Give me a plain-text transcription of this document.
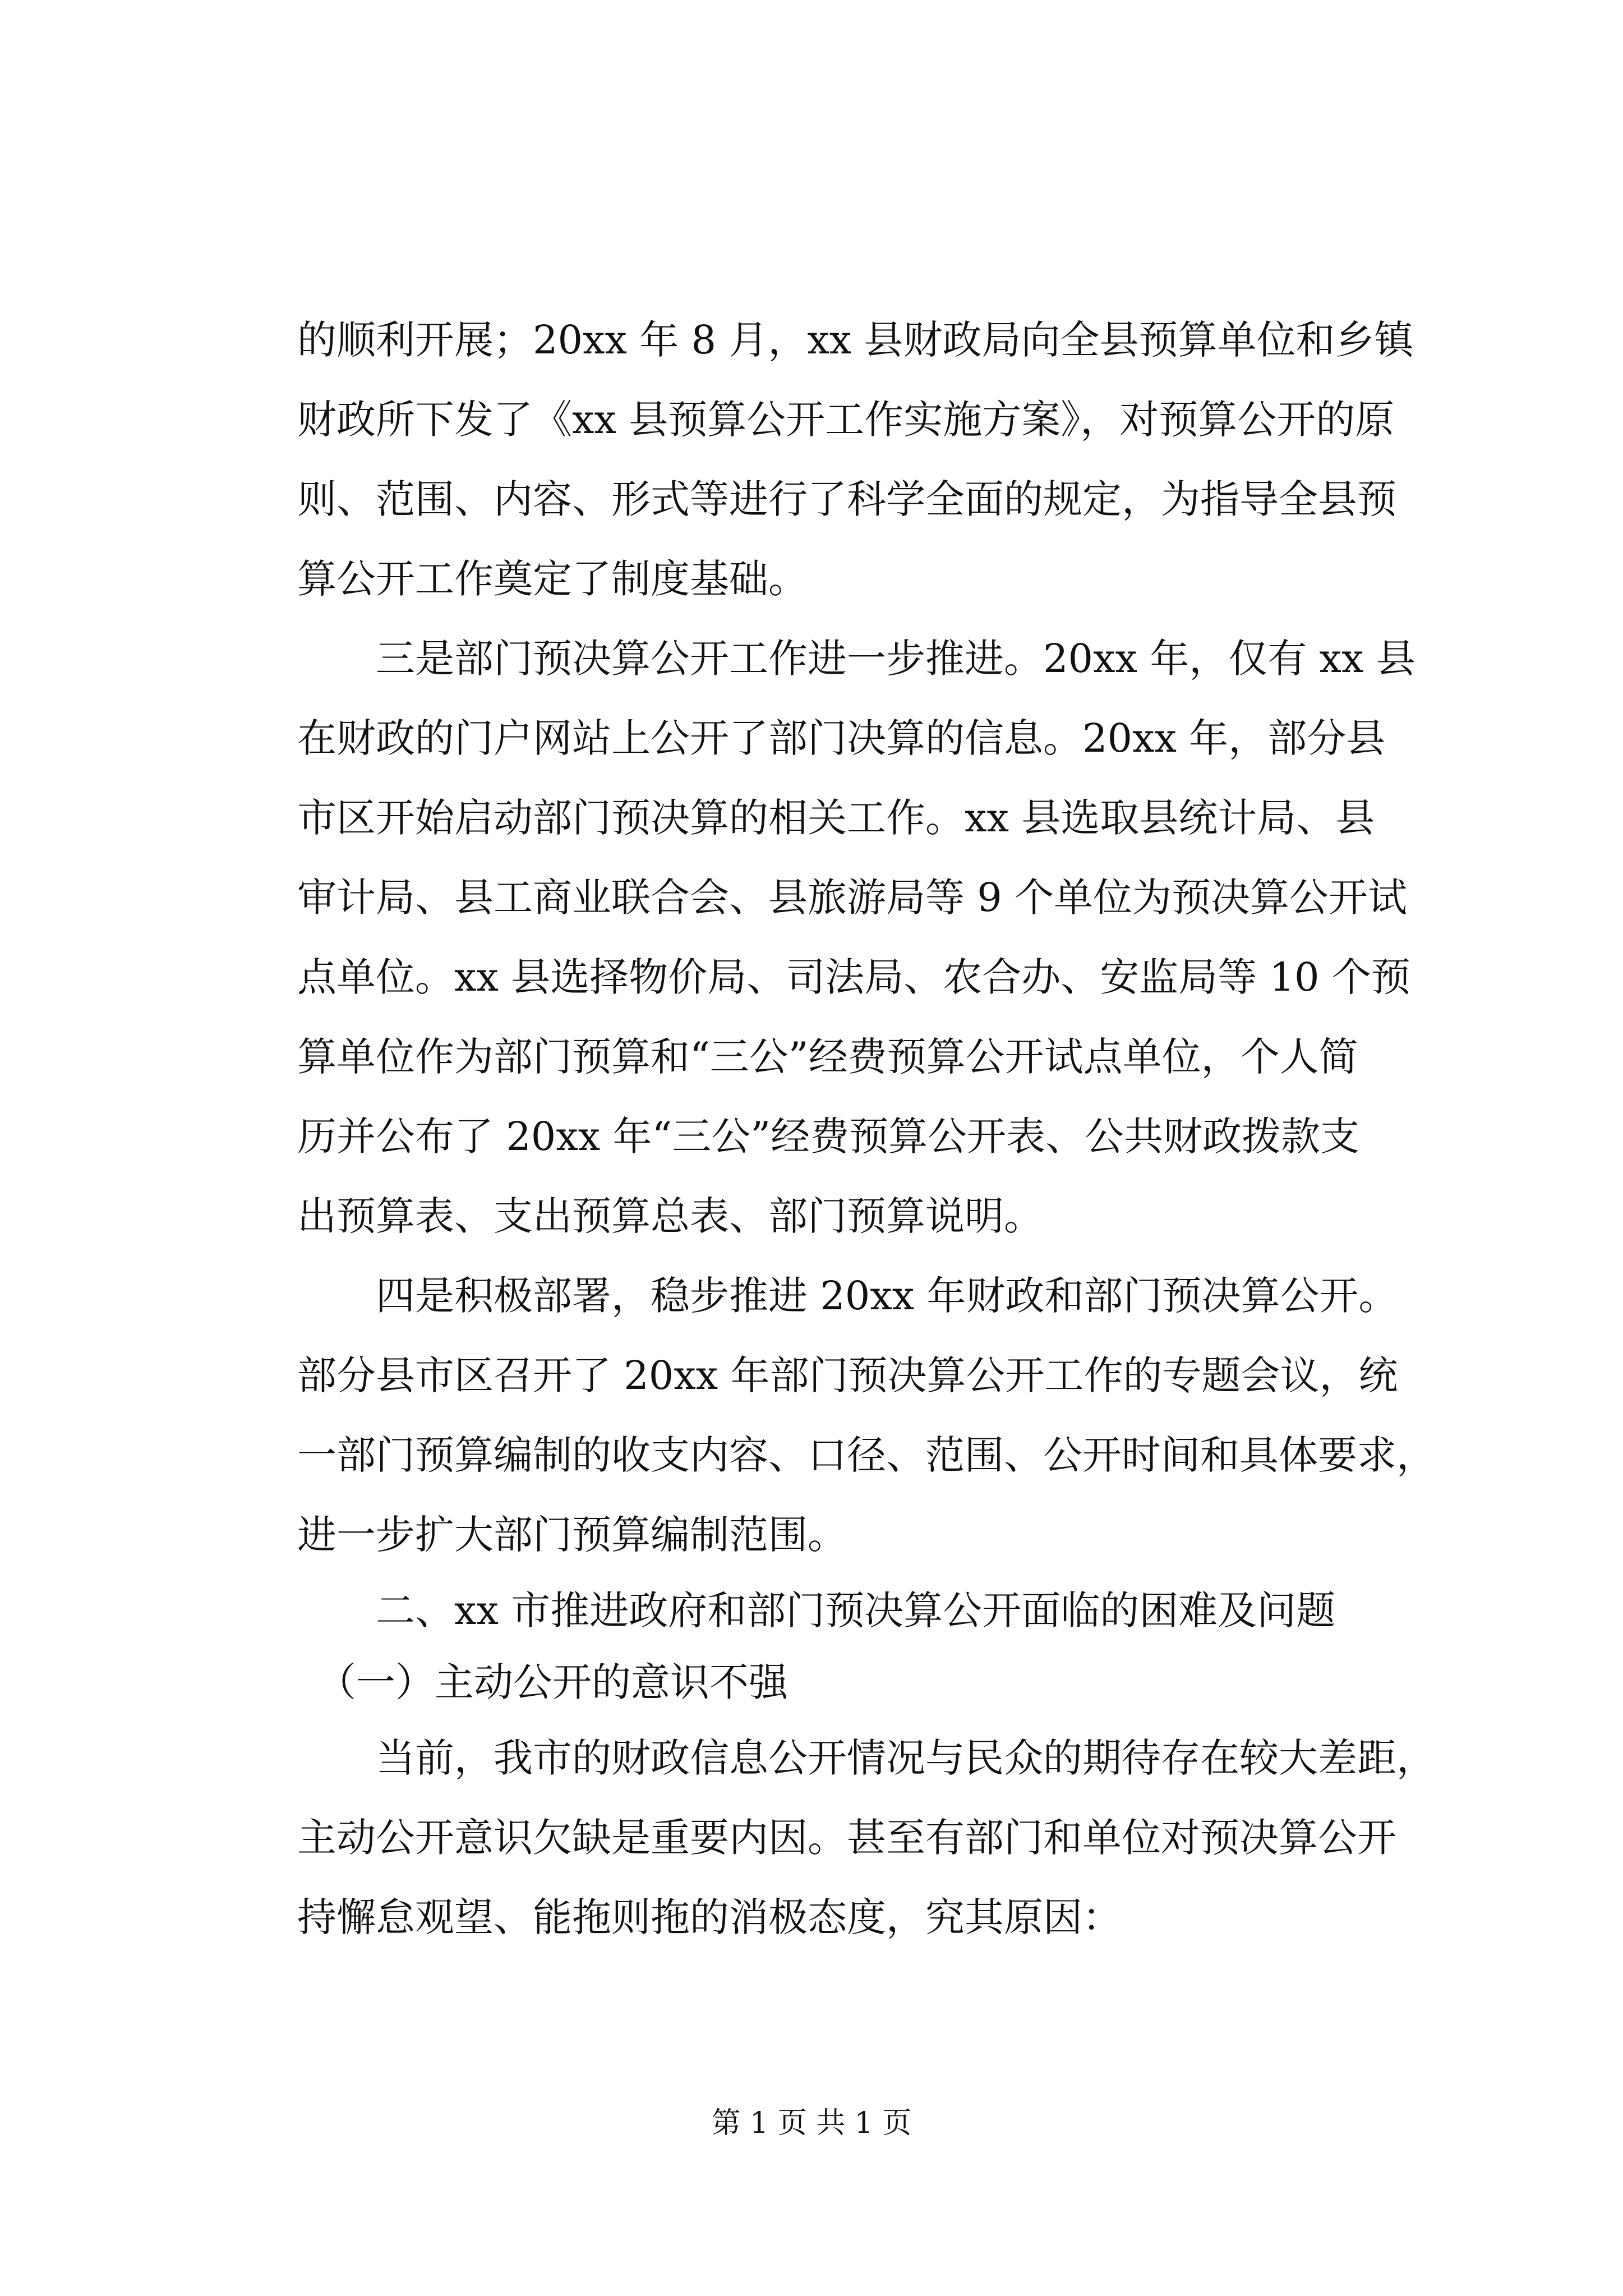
的顺利开展；20xx 年 8 月，xx 县财政局向全县预算单位和乡镇
财政所下发了《xx 县预算公开工作实施方案》，对预算公开的原
则、范围、内容、形式等进行了科学全面的规定，为指导全县预
算公开工作奠定了制度基础。
　　三是部门预决算公开工作进一步推进。20xx 年，仅有 xx 县
在财政的门户网站上公开了部门决算的信息。20xx 年，部分县
市区开始启动部门预决算的相关工作。xx 县选取县统计局、县
审计局、县工商业联合会、县旅游局等 9 个单位为预决算公开试
点单位。xx 县选择物价局、司法局、农合办、安监局等 10 个预
算单位作为部门预算和“三公”经费预算公开试点单位，个人简
历并公布了 20xx 年“三公”经费预算公开表、公共财政拨款支
出预算表、支出预算总表、部门预算说明。
　　四是积极部署，稳步推进 20xx 年财政和部门预决算公开。
部分县市区召开了 20xx 年部门预决算公开工作的专题会议，统
一部门预算编制的收支内容、口径、范围、公开时间和具体要求，
进一步扩大部门预算编制范围。
　　二、xx 市推进政府和部门预决算公开面临的困难及问题
　（一）主动公开的意识不强
　　当前，我市的财政信息公开情况与民众的期待存在较大差距，
主动公开意识欠缺是重要内因。甚至有部门和单位对预决算公开
持懈怠观望、能拖则拖的消极态度，究其原因：
第 1 页 共 1 页
